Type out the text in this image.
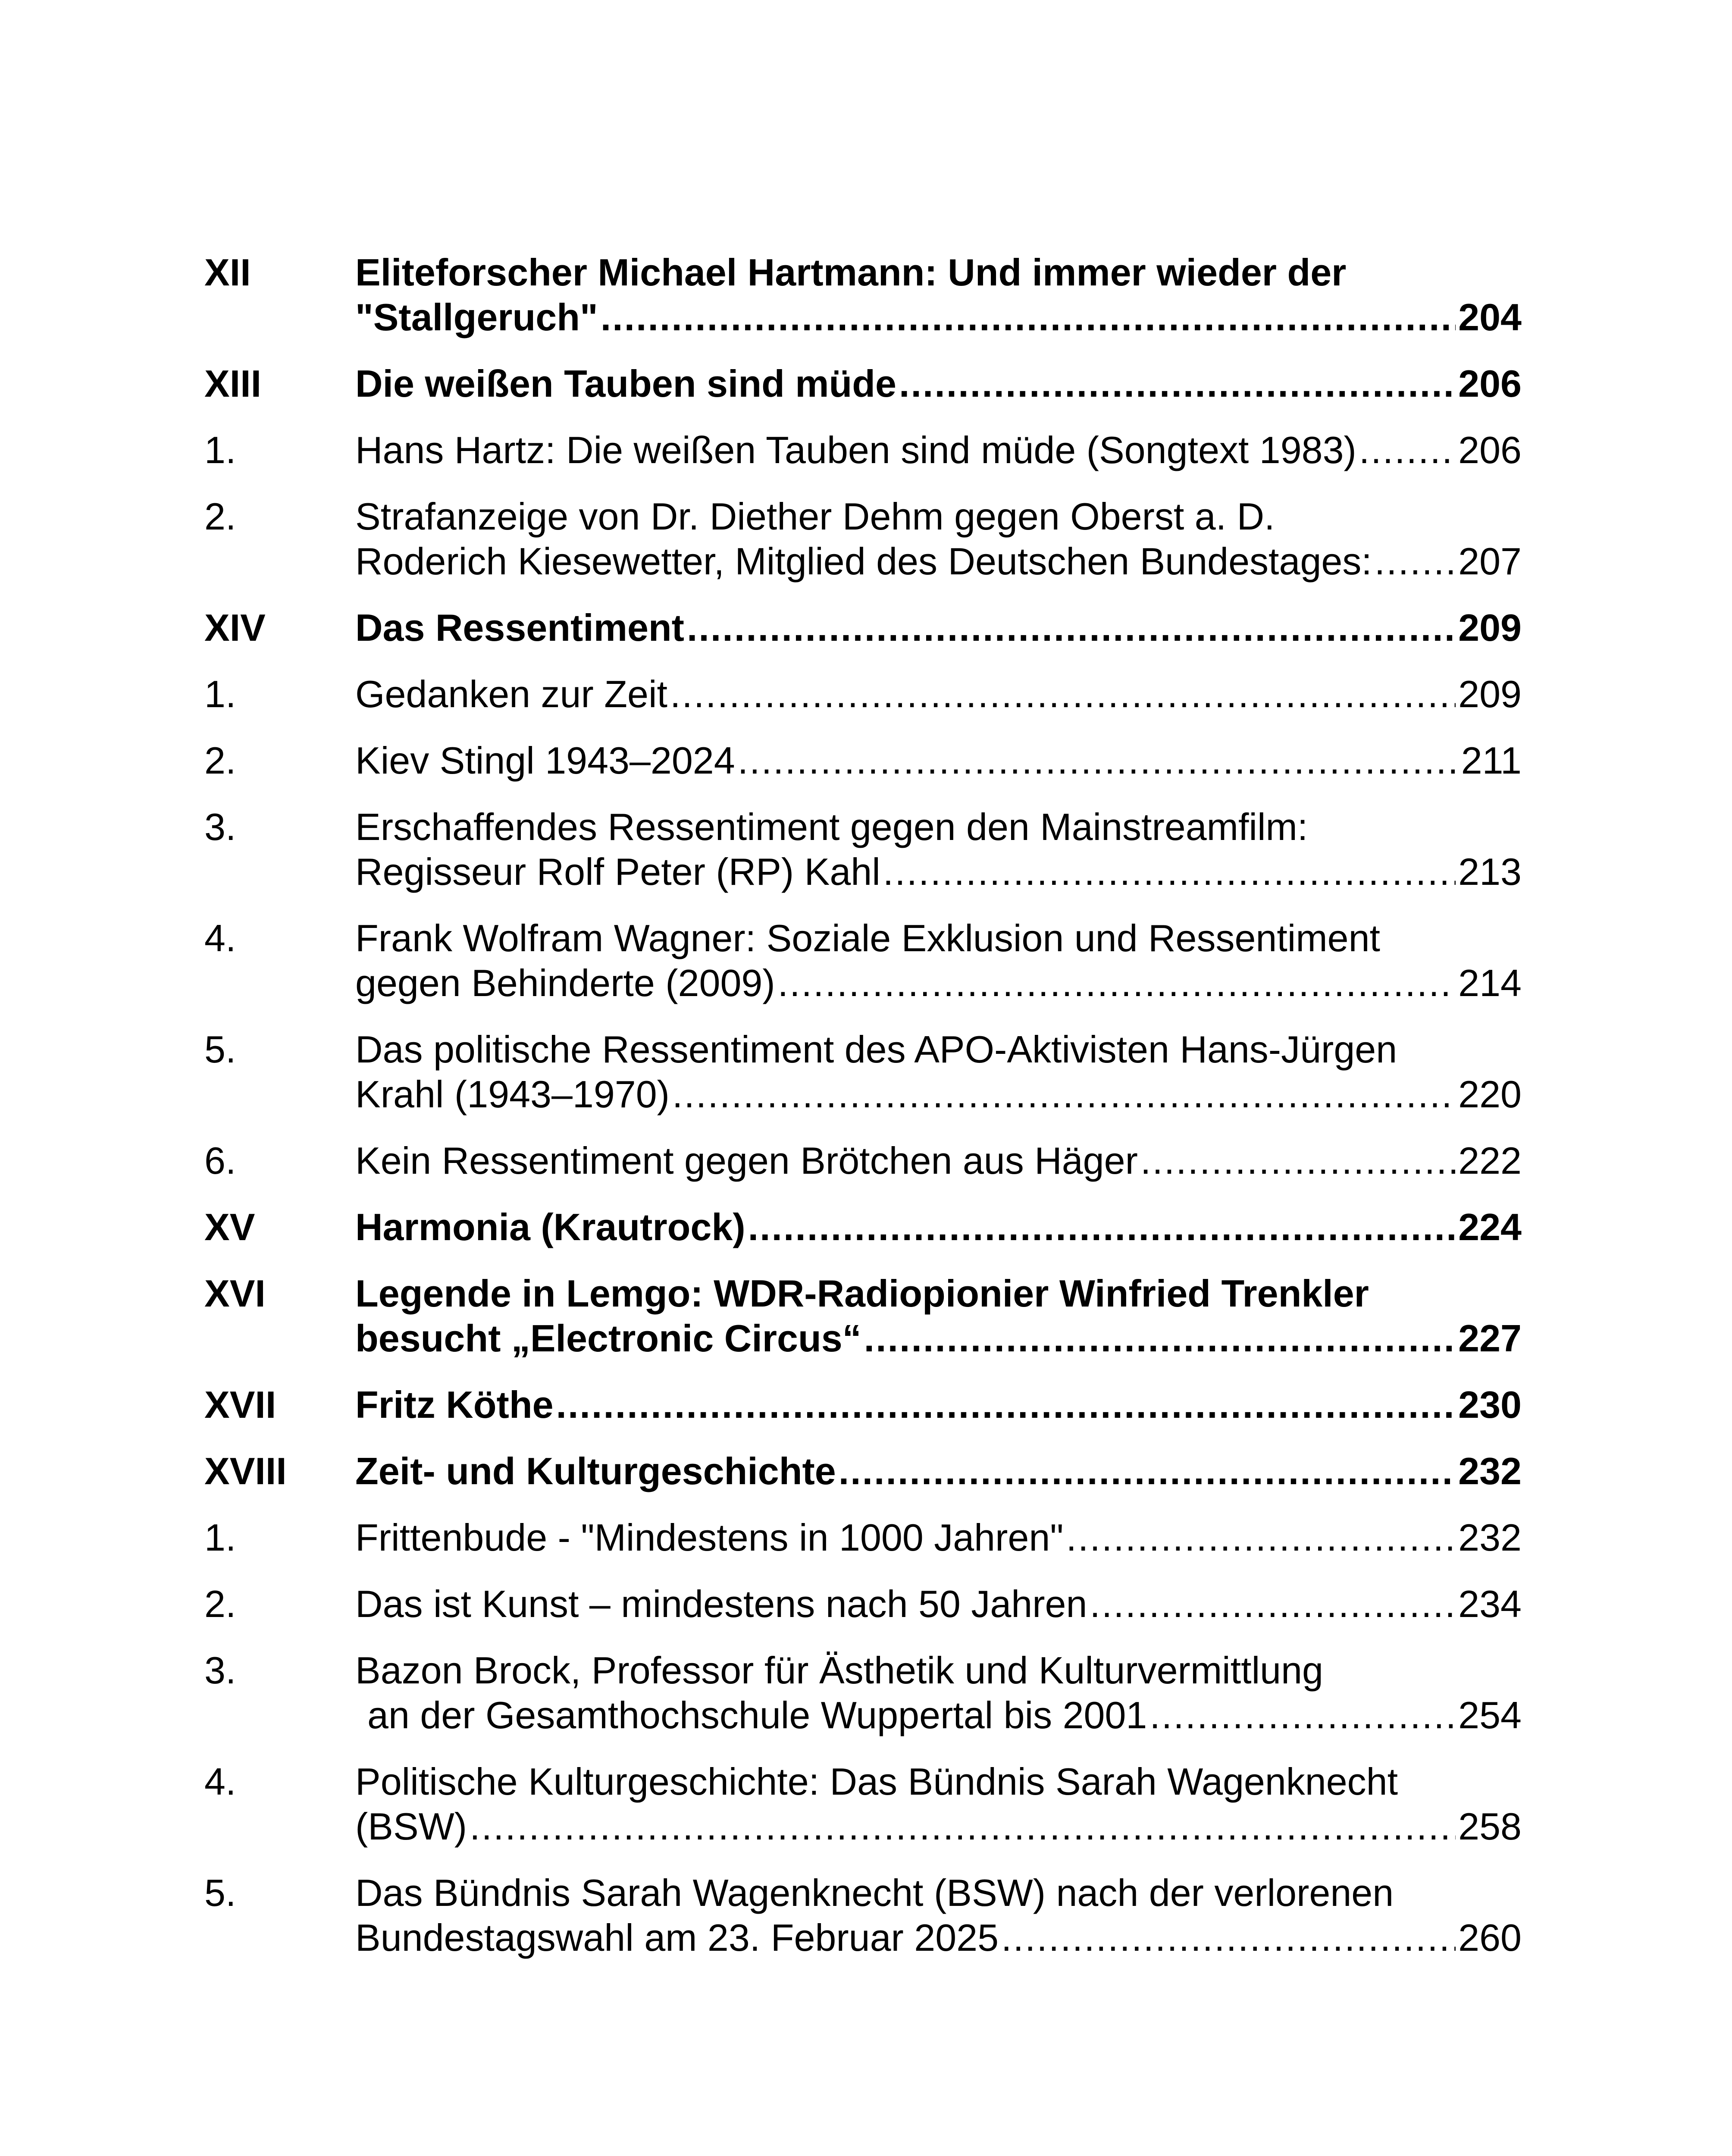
XII	Eliteforscher Michael Hartmann: Und immer wieder der
"Stallgeruch" .....	204
XIII	Die weißen Tauben sind müde .....	206
1.	Hans Hartz: Die weißen Tauben sind müde (Songtext 1983) .....	206
2.	Strafanzeige von Dr. Diether Dehm gegen Oberst a. D.
Roderich Kiesewetter, Mitglied des Deutschen Bundestages: ..... 207
XIV	Das Ressentiment .....	209
1.	Gedanken zur Zeit .....	209
2.	Kiev Stingl 1943–2024 .....	211
3.	Erschaffendes Ressentiment gegen den Mainstreamfilm:
Regisseur Rolf Peter (RP) Kahl .....	213
4.	Frank Wolfram Wagner: Soziale Exklusion und Ressentiment
gegen Behinderte (2009) .....	214
5.	Das politische Ressentiment des APO-Aktivisten Hans-Jürgen
Krahl (1943–1970) .....	220
6.	Kein Ressentiment gegen Brötchen aus Häger .....	222
XV	Harmonia (Krautrock) .....	224
XVI	Legende in Lemgo: WDR-Radiopionier Winfried Trenkler
besucht „Electronic Circus“ .....	227
XVII	Fritz Köthe .....	230
XVIII	Zeit- und Kulturgeschichte .....	232
1.	Frittenbude - "Mindestens in 1000 Jahren" .....	232
2.	Das ist Kunst – mindestens nach 50 Jahren .....	234
3.	Bazon Brock, Professor für Ästhetik und Kulturvermittlung
an der Gesamthochschule Wuppertal bis 2001 .....	254
4.	Politische Kulturgeschichte: Das Bündnis Sarah Wagenknecht
(BSW) .....	258
5.	Das Bündnis Sarah Wagenknecht (BSW) nach der verlorenen
Bundestagswahl am 23. Februar 2025 .....	260
